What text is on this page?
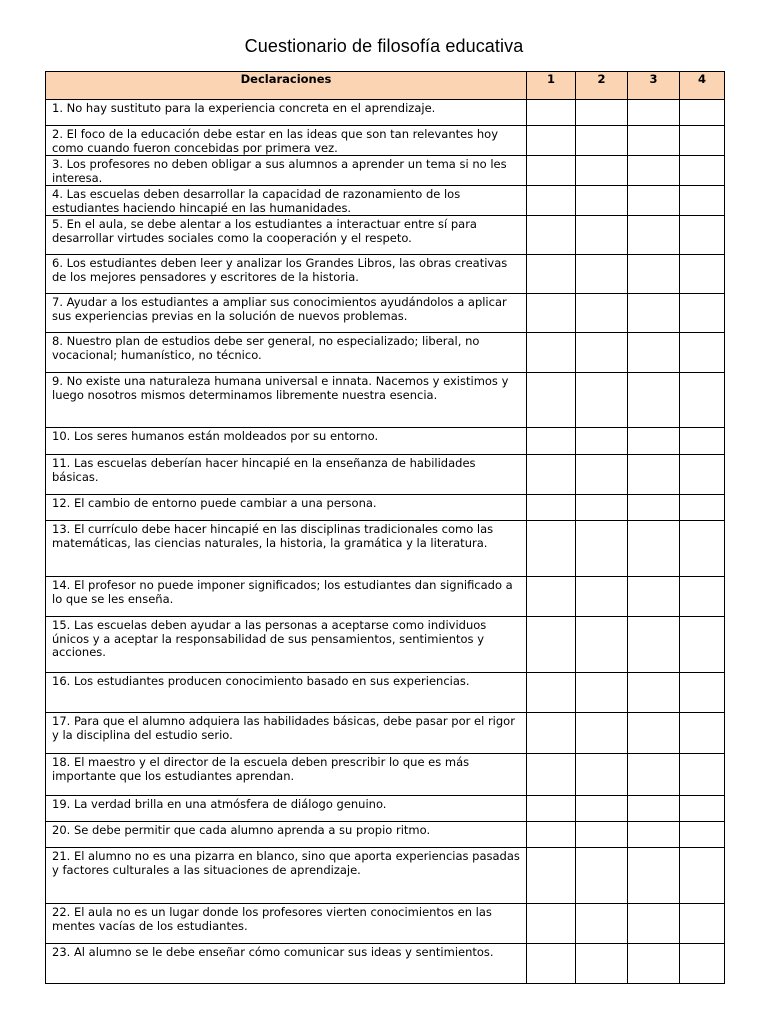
Cuestionario de filosofía educativa
Declaraciones	1	2	3	4
1. No hay sustituto para la experiencia concreta en el aprendizaje.				
2. El foco de la educación debe estar en las ideas que son tan relevantes hoy como cuando fueron concebidas por primera vez.				
3. Los profesores no deben obligar a sus alumnos a aprender un tema si no les interesa.				
4. Las escuelas deben desarrollar la capacidad de razonamiento de los estudiantes haciendo hincapié en las humanidades.				
5. En el aula, se debe alentar a los estudiantes a interactuar entre sí para desarrollar virtudes sociales como la cooperación y el respeto.				
6. Los estudiantes deben leer y analizar los Grandes Libros, las obras creativas de los mejores pensadores y escritores de la historia.				
7. Ayudar a los estudiantes a ampliar sus conocimientos ayudándolos a aplicar sus experiencias previas en la solución de nuevos problemas.				
8. Nuestro plan de estudios debe ser general, no especializado; liberal, no vocacional; humanístico, no técnico.				
9. No existe una naturaleza humana universal e innata. Nacemos y existimos y luego nosotros mismos determinamos libremente nuestra esencia.				
10. Los seres humanos están moldeados por su entorno.				
11. Las escuelas deberían hacer hincapié en la enseñanza de habilidades básicas.				
12. El cambio de entorno puede cambiar a una persona.				
13. El currículo debe hacer hincapié en las disciplinas tradicionales como las matemáticas, las ciencias naturales, la historia, la gramática y la literatura.				
14. El profesor no puede imponer significados; los estudiantes dan significado a lo que se les enseña.				
15. Las escuelas deben ayudar a las personas a aceptarse como individuos únicos y a aceptar la responsabilidad de sus pensamientos, sentimientos y acciones.				
16. Los estudiantes producen conocimiento basado en sus experiencias.				
17. Para que el alumno adquiera las habilidades básicas, debe pasar por el rigor y la disciplina del estudio serio.				
18. El maestro y el director de la escuela deben prescribir lo que es más importante que los estudiantes aprendan.				
19. La verdad brilla en una atmósfera de diálogo genuino.				
20. Se debe permitir que cada alumno aprenda a su propio ritmo.				
21. El alumno no es una pizarra en blanco, sino que aporta experiencias pasadas y factores culturales a las situaciones de aprendizaje.				
22. El aula no es un lugar donde los profesores vierten conocimientos en las mentes vacías de los estudiantes.				
23. Al alumno se le debe enseñar cómo comunicar sus ideas y sentimientos.				
